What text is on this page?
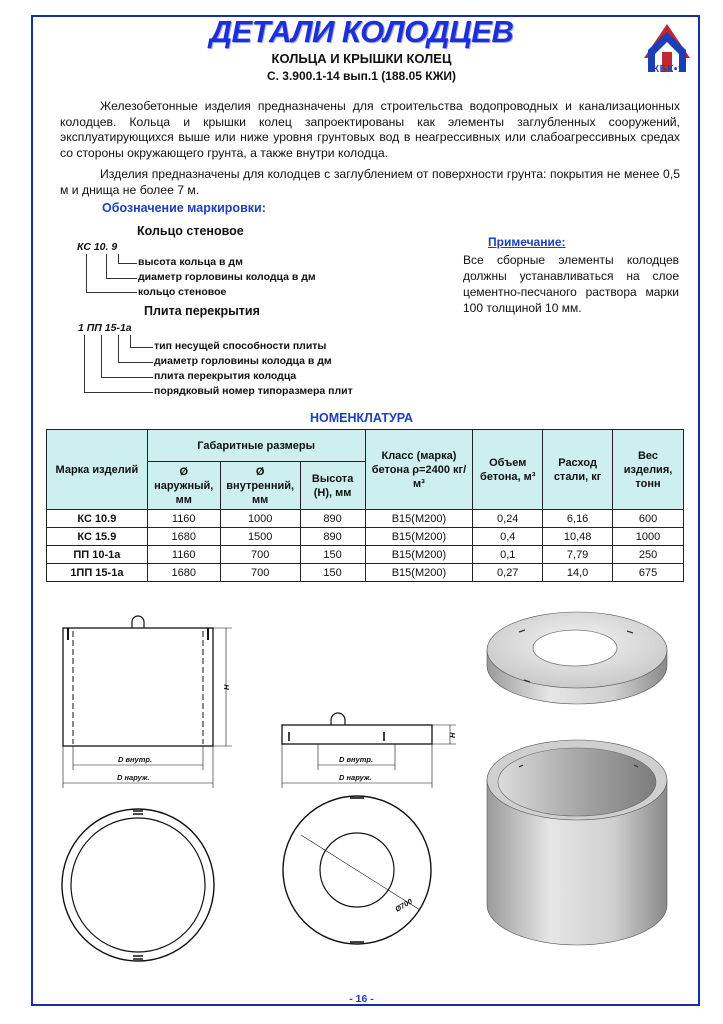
ДЕТАЛИ КОЛОДЦЕВ
КОЛЬЦА И КРЫШКИ КОЛЕЦ
С. 3.900.1-14 вып.1 (188.05 КЖИ)	ЖБК•1
Железобетонные изделия предназначены для строительства водопроводных и канализационных колодцев. Кольца и крышки колец запроектированы как элементы заглубленных сооружений, эксплуатирующихся выше или ниже уровня грунтовых вод в неагрессивных или слабоагрессивных средах со стороны окружающего грунта, а также внутри колодца.
Изделия предназначены для колодцев с заглублением от поверхности грунта: покрытия не менее 0,5 м и днища не более 7 м.
Обозначение маркировки:
Кольцо стеновое
КС 10. 9
высота кольца в дм
диаметр горловины колодца в дм
кольцо стеновое
Плита перекрытия
1 ПП 15-1а
тип несущей способности плиты
диаметр горловины колодца в дм
плита перекрытия колодца
порядковый номер типоразмера плит
Примечание:
Все сборные элементы колодцев должны устанавливаться на слое цементно-песчаного раствора марки 100 толщиной 10 мм.
НОМЕНКЛАТУРА
Марка изделий	Габаритные размеры			Класс (марка) бетона ρ=2400 кг/м³	Объем бетона, м³	Расход стали, кг	Вес изделия, тонн
	Ø наружный, мм	Ø внутренний, мм	Высота (Н), мм				
КС 10.9	1160	1000	890	В15(М200)	0,24	6,16	600
КС 15.9	1680	1500	890	В15(М200)	0,4	10,48	1000
ПП 10-1а	1160	700	150	В15(М200)	0,1	7,79	250
1ПП 15-1а	1680	700	150	В15(М200)	0,27	14,0	675
Н
D внутр.
D наруж.
Н
D внутр.
D наруж.
Ø700
- 16 -
